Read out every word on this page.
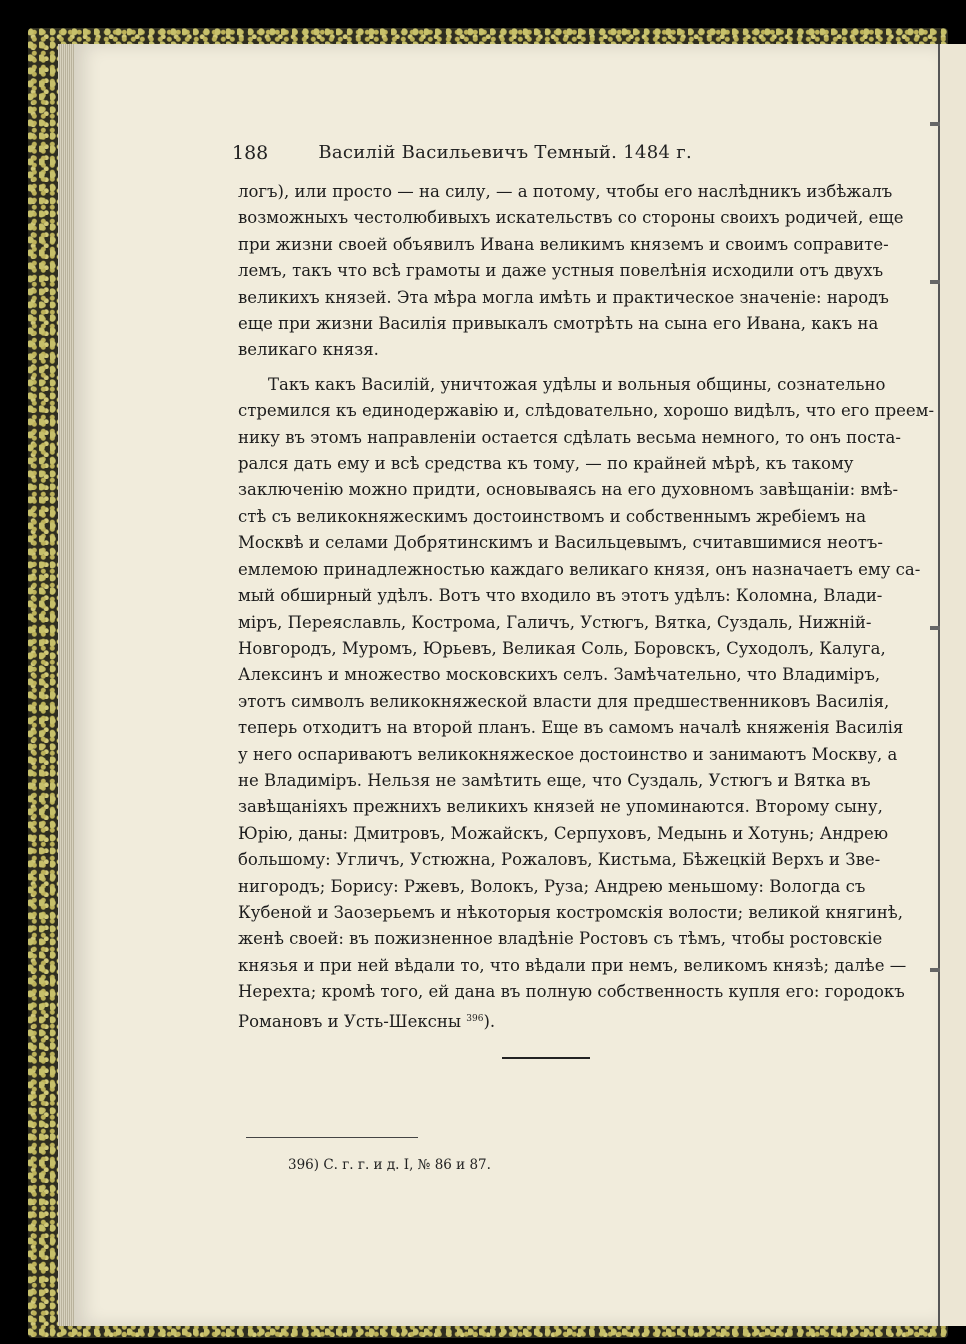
188	Василій Васильевичъ Темный. 1484 г.
логъ), или просто — на силу, — а потому, чтобы его наслѣдникъ избѣжалъ
возможныхъ честолюбивыхъ искательствъ со стороны своихъ родичей, еще
при жизни своей объявилъ Ивана великимъ княземъ и своимъ соправите-
лемъ, такъ что всѣ грамоты и даже устныя повелѣнія исходили отъ двухъ
великихъ князей. Эта мѣра могла имѣть и практическое значеніе: народъ
еще при жизни Василія привыкалъ смотрѣть на сына его Ивана, какъ на
великаго князя.
Такъ какъ Василій, уничтожая удѣлы и вольныя общины, сознательно
стремился къ единодержавію и, слѣдовательно, хорошо видѣлъ, что его преем-
нику въ этомъ направленіи остается сдѣлать весьма немного, то онъ поста-
рался дать ему и всѣ средства къ тому, — по крайней мѣрѣ, къ такому
заключенію можно придти, основываясь на его духовномъ завѣщаніи: вмѣ-
стѣ съ великокняжескимъ достоинствомъ и собственнымъ жребіемъ на
Москвѣ и селами Добрятинскимъ и Васильцевымъ, считавшимися неотъ-
емлемою принадлежностью каждаго великаго князя, онъ назначаетъ ему са-
мый обширный удѣлъ. Вотъ что входило въ этотъ удѣлъ: Коломна, Влади-
міръ, Переяславль, Кострома, Галичъ, Устюгъ, Вятка, Суздаль, Нижній-
Новгородъ, Муромъ, Юрьевъ, Великая Соль, Боровскъ, Суходолъ, Калуга,
Алексинъ и множество московскихъ селъ. Замѣчательно, что Владиміръ,
этотъ символъ великокняжеской власти для предшественниковъ Василія,
теперь отходитъ на второй планъ. Еще въ самомъ началѣ княженія Василія
у него оспариваютъ великокняжеское достоинство и занимаютъ Москву, а
не Владиміръ. Нельзя не замѣтить еще, что Суздаль, Устюгъ и Вятка въ
завѣщаніяхъ прежнихъ великихъ князей не упоминаются. Второму сыну,
Юрію, даны: Дмитровъ, Можайскъ, Серпуховъ, Медынь и Хотунь; Андрею
большому: Угличъ, Устюжна, Рожаловъ, Кистьма, Бѣжецкій Верхъ и Зве-
нигородъ; Борису: Ржевъ, Волокъ, Руза; Андрею меньшому: Вологда съ
Кубеной и Заозерьемъ и нѣкоторыя костромскія волости; великой княгинѣ,
женѣ своей: въ пожизненное владѣніе Ростовъ съ тѣмъ, чтобы ростовскіе
князья и при ней вѣдали то, что вѣдали при немъ, великомъ князѣ; далѣе —
Нерехта; кромѣ того, ей дана въ полную собственность купля его: городокъ
Романовъ и Усть-Шексны $^{396}$).
396) С. г. г. и д. I, № 86 и 87.
